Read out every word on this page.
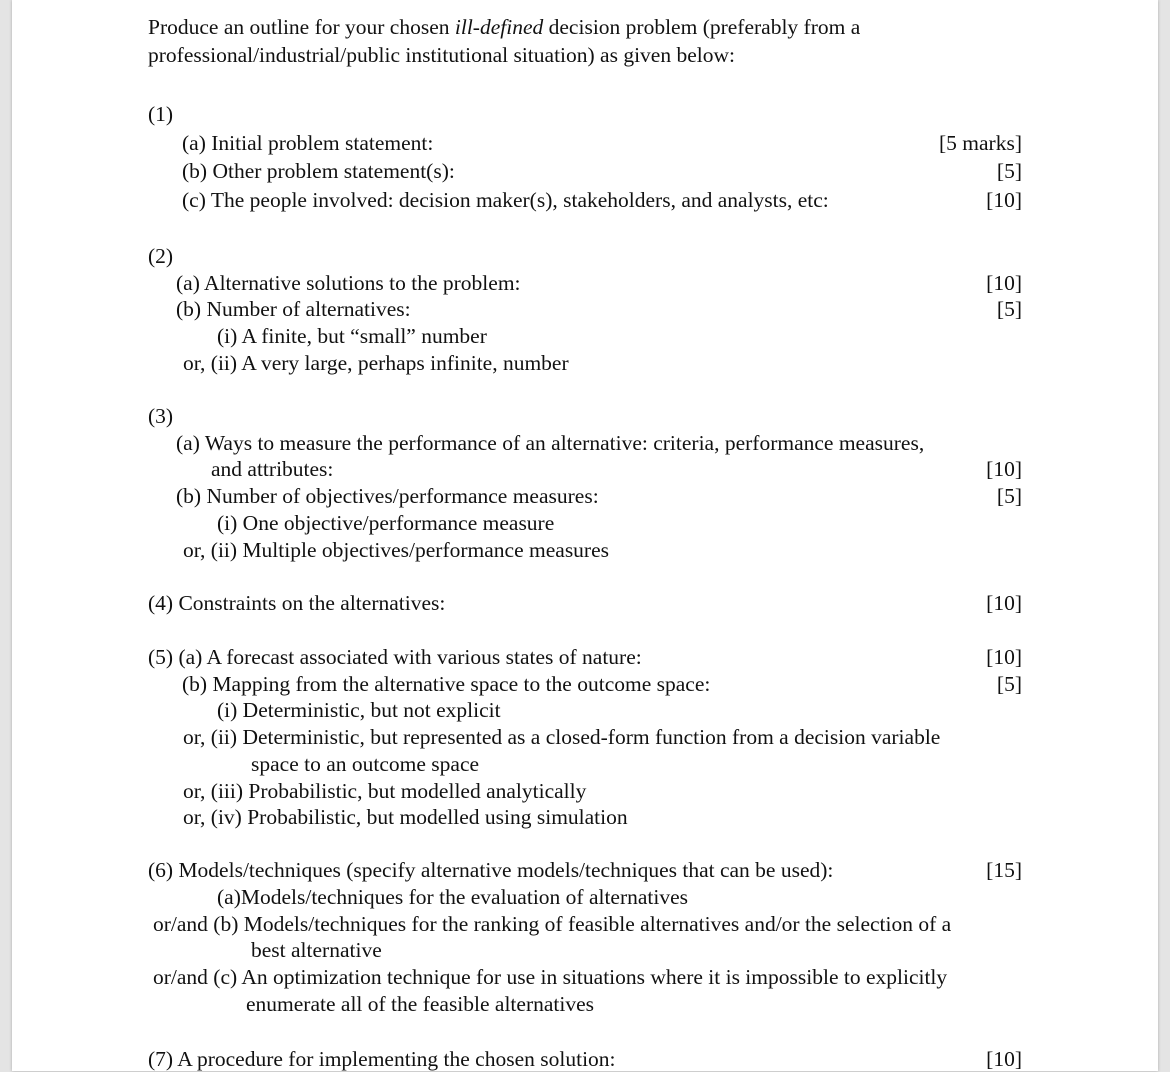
Produce an outline for your chosen ill-defined decision problem (preferably from a
professional/industrial/public institutional situation) as given below:
(1)
(a) Initial problem statement:	[5 marks]
(b) Other problem statement(s):	[5]
(c) The people involved: decision maker(s), stakeholders, and analysts, etc:	[10]
(2)
(a) Alternative solutions to the problem:	[10]
(b) Number of alternatives:	[5]
(i) A finite, but “small” number
or, (ii) A very large, perhaps infinite, number
(3)
(a) Ways to measure the performance of an alternative: criteria, performance measures,
and attributes:	[10]
(b) Number of objectives/performance measures:	[5]
(i) One objective/performance measure
or, (ii) Multiple objectives/performance measures
(4) Constraints on the alternatives:	[10]
(5) (a) A forecast associated with various states of nature:	[10]
(b) Mapping from the alternative space to the outcome space:	[5]
(i) Deterministic, but not explicit
or, (ii) Deterministic, but represented as a closed-form function from a decision variable
space to an outcome space
or, (iii) Probabilistic, but modelled analytically
or, (iv) Probabilistic, but modelled using simulation
(6) Models/techniques (specify alternative models/techniques that can be used):	[15]
(a)Models/techniques for the evaluation of alternatives
or/and (b) Models/techniques for the ranking of feasible alternatives and/or the selection of a
best alternative
or/and (c) An optimization technique for use in situations where it is impossible to explicitly
enumerate all of the feasible alternatives
(7) A procedure for implementing the chosen solution:	[10]
